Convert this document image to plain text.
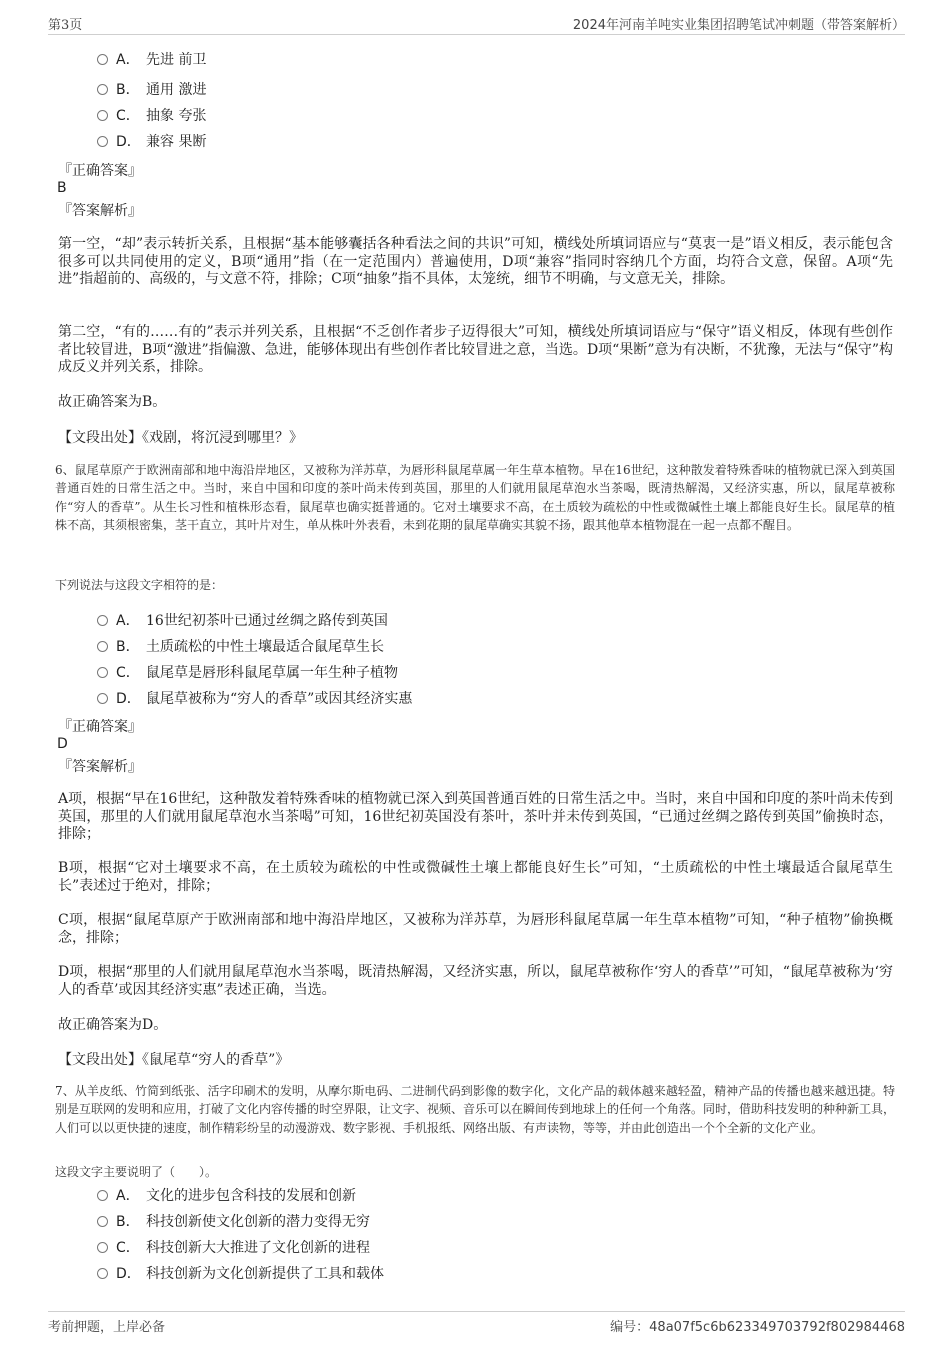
第3页	2024年河南羊吨实业集团招聘笔试冲刺题（带答案解析）
A． 先进 前卫
B． 通用 激进
C． 抽象 夸张
D． 兼容 果断
『正确答案』
B
『答案解析』

第一空，“却”表示转折关系，且根据“基本能够囊括各种看法之间的共识”可知，横线处所填词语应与“莫衷一是”语义相反，表示能包含很多可以共同使用的定义，B项“通用”指（在一定范围内）普遍使用，D项“兼容”指同时容纳几个方面，均符合文意，保留。A项“先进”指超前的、高级的，与文意不符，排除；C项“抽象”指不具体，太笼统，细节不明确，与文意无关，排除。

第二空，“有的……有的”表示并列关系，且根据“不乏创作者步子迈得很大”可知，横线处所填词语应与“保守”语义相反，体现有些创作者比较冒进，B项“激进”指偏激、急进，能够体现出有些创作者比较冒进之意，当选。D项“果断”意为有决断，不犹豫，无法与“保守”构成反义并列关系，排除。

故正确答案为B。

【文段出处】《戏剧，将沉浸到哪里？》

6、鼠尾草原产于欧洲南部和地中海沿岸地区，又被称为洋苏草，为唇形科鼠尾草属一年生草本植物。早在16世纪，这种散发着特殊香味的植物就已深入到英国普通百姓的日常生活之中。当时，来自中国和印度的茶叶尚未传到英国，那里的人们就用鼠尾草泡水当茶喝，既清热解渴，又经济实惠，所以，鼠尾草被称作“穷人的香草”。从生长习性和植株形态看，鼠尾草也确实挺普通的。它对土壤要求不高，在土质较为疏松的中性或微碱性土壤上都能良好生长。鼠尾草的植株不高，其须根密集，茎干直立，其叶片对生，单从株叶外表看，未到花期的鼠尾草确实其貌不扬，跟其他草本植物混在一起一点都不醒目。

下列说法与这段文字相符的是：

A． 16世纪初茶叶已通过丝绸之路传到英国
B． 土质疏松的中性土壤最适合鼠尾草生长
C． 鼠尾草是唇形科鼠尾草属一年生种子植物
D． 鼠尾草被称为“穷人的香草”或因其经济实惠
『正确答案』
D
『答案解析』

A项，根据“早在16世纪，这种散发着特殊香味的植物就已深入到英国普通百姓的日常生活之中。当时，来自中国和印度的茶叶尚未传到英国，那里的人们就用鼠尾草泡水当茶喝”可知，16世纪初英国没有茶叶，茶叶并未传到英国，“已通过丝绸之路传到英国”偷换时态，排除；

B项，根据“它对土壤要求不高，在土质较为疏松的中性或微碱性土壤上都能良好生长”可知，“土质疏松的中性土壤最适合鼠尾草生长”表述过于绝对，排除；

C项，根据“鼠尾草原产于欧洲南部和地中海沿岸地区，又被称为洋苏草，为唇形科鼠尾草属一年生草本植物”可知，“种子植物”偷换概念，排除；

D项，根据“那里的人们就用鼠尾草泡水当茶喝，既清热解渴，又经济实惠，所以，鼠尾草被称作‘穷人的香草’”可知，“鼠尾草被称为‘穷人的香草’或因其经济实惠”表述正确，当选。

故正确答案为D。

【文段出处】《鼠尾草“穷人的香草”》

7、从羊皮纸、竹简到纸张、活字印刷术的发明，从摩尔斯电码、二进制代码到影像的数字化，文化产品的载体越来越轻盈，精神产品的传播也越来越迅捷。特别是互联网的发明和应用，打破了文化内容传播的时空界限，让文字、视频、音乐可以在瞬间传到地球上的任何一个角落。同时，借助科技发明的种种新工具，人们可以以更快捷的速度，制作精彩纷呈的动漫游戏、数字影视、手机报纸、网络出版、有声读物，等等，并由此创造出一个个全新的文化产业。

这段文字主要说明了（　　）。

A． 文化的进步包含科技的发展和创新
B． 科技创新使文化创新的潜力变得无穷
C． 科技创新大大推进了文化创新的进程
D． 科技创新为文化创新提供了工具和载体
考前押题，上岸必备	编号：48a07f5c6b623349703792f802984468
